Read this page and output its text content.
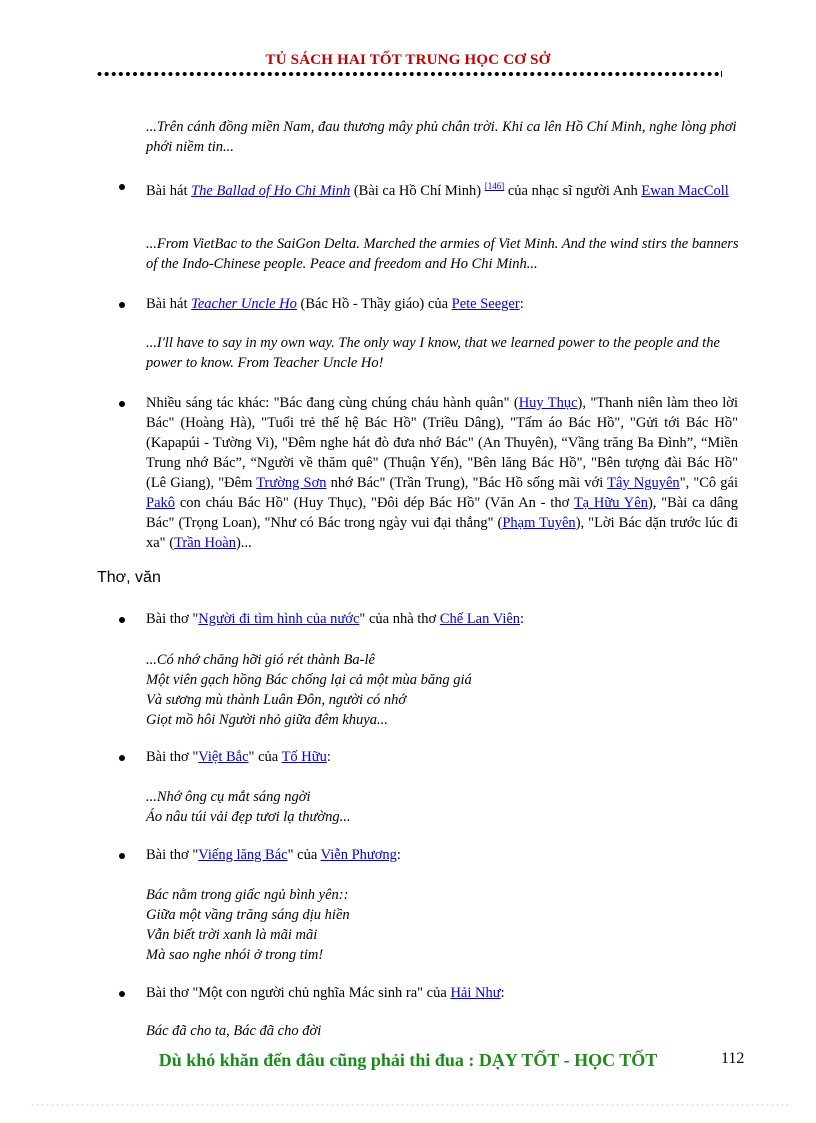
TỦ SÁCH HAI TỐT TRUNG HỌC CƠ SỞ
...Trên cánh đồng miền Nam, đau thương mây phủ chân trời. Khi ca lên Hồ Chí Minh, nghe lòng phơi phới niềm tin...
Bài hát The Ballad of Ho Chi Minh (Bài ca Hồ Chí Minh) [146] của nhạc sĩ người Anh Ewan MacColl
...From VietBac to the SaiGon Delta. Marched the armies of Viet Minh. And the wind stirs the banners of the Indo-Chinese people. Peace and freedom and Ho Chi Minh...
Bài hát Teacher Uncle Ho (Bác Hồ - Thầy giáo) của Pete Seeger:
...I'll have to say in my own way. The only way I know, that we learned power to the people and the power to know. From Teacher Uncle Ho!
Nhiều sáng tác khác: "Bác đang cùng chúng cháu hành quân" (Huy Thục), "Thanh niên làm theo lời Bác" (Hoàng Hà), "Tuổi trẻ thế hệ Bác Hồ" (Triều Dâng), "Tấm áo Bác Hồ", "Gửi tới Bác Hồ" (Kapapúi - Tường Vi), "Đêm nghe hát đò đưa nhớ Bác" (An Thuyên), “Vầng trăng Ba Đình”, “Miền Trung nhớ Bác”, “Người về thăm quê" (Thuận Yến), "Bên lăng Bác Hồ", "Bên tượng đài Bác Hồ" (Lê Giang), "Đêm Trường Sơn nhớ Bác" (Trần Trung), "Bác Hồ sống mãi với Tây Nguyên", "Cô gái Pakô con cháu Bác Hồ" (Huy Thục), "Đôi dép Bác Hồ" (Văn An - thơ Tạ Hữu Yên), "Bài ca dâng Bác" (Trọng Loan), "Như có Bác trong ngày vui đại thắng" (Phạm Tuyên), "Lời Bác dặn trước lúc đi xa" (Trần Hoàn)...
Thơ, văn
Bài thơ "Người đi tìm hình của nước" của nhà thơ Chế Lan Viên:
...Có nhớ chăng hỡi gió rét thành Ba-lê
Một viên gạch hồng Bác chống lại cả một mùa băng giá
Và sương mù thành Luân Đôn, người có nhớ
Giọt mồ hôi Người nhỏ giữa đêm khuya...
Bài thơ "Việt Bắc" của Tố Hữu:
...Nhớ ông cụ mắt sáng ngời
Áo nâu túi vải đẹp tươi lạ thường...
Bài thơ "Viếng lăng Bác" của Viễn Phương:
Bác nằm trong giấc ngủ bình yên::
Giữa một vầng trăng sáng dịu hiền
Vẫn biết trời xanh là mãi mãi
Mà sao nghe nhói ở trong tim!
Bài thơ "Một con người chủ nghĩa Mác sinh ra" của Hải Như:
Bác đã cho ta, Bác đã cho đời
Dù khó khăn đến đâu cũng phải thi đua : DẠY TỐT - HỌC TỐT	112
